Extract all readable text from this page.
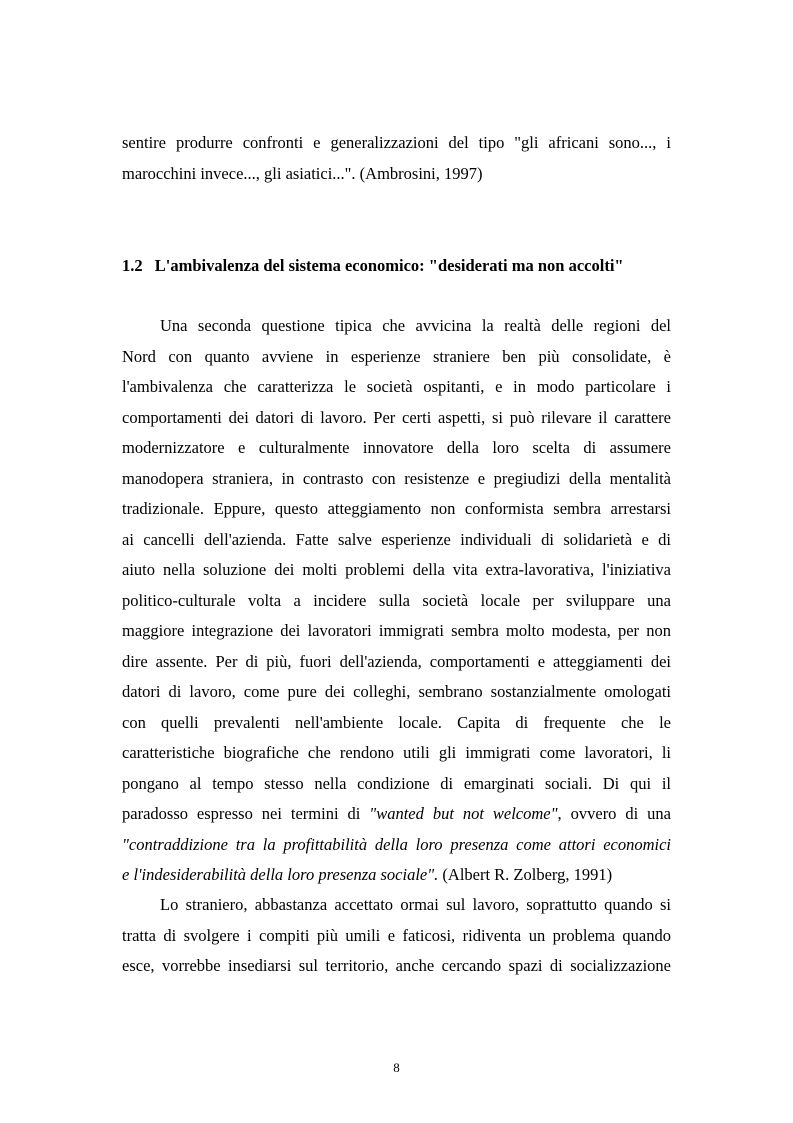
sentire produrre confronti e generalizzazioni del tipo "gli africani sono..., i
marocchini invece..., gli asiatici...". (Ambrosini, 1997)
1.2 L'ambivalenza del sistema economico: "desiderati ma non accolti"
Una seconda questione tipica che avvicina la realtà delle regioni del
Nord con quanto avviene in esperienze straniere ben più consolidate, è
l'ambivalenza che caratterizza le società ospitanti, e in modo particolare i
comportamenti dei datori di lavoro. Per certi aspetti, si può rilevare il carattere
modernizzatore e culturalmente innovatore della loro scelta di assumere
manodopera straniera, in contrasto con resistenze e pregiudizi della mentalità
tradizionale. Eppure, questo atteggiamento non conformista sembra arrestarsi
ai cancelli dell'azienda. Fatte salve esperienze individuali di solidarietà e di
aiuto nella soluzione dei molti problemi della vita extra-lavorativa, l'iniziativa
politico-culturale volta a incidere sulla società locale per sviluppare una
maggiore integrazione dei lavoratori immigrati sembra molto modesta, per non
dire assente. Per di più, fuori dell'azienda, comportamenti e atteggiamenti dei
datori di lavoro, come pure dei colleghi, sembrano sostanzialmente omologati
con quelli prevalenti nell'ambiente locale. Capita di frequente che le
caratteristiche biografiche che rendono utili gli immigrati come lavoratori, li
pongano al tempo stesso nella condizione di emarginati sociali. Di qui il
paradosso espresso nei termini di "wanted but not welcome", ovvero di una
"contraddizione tra la profittabilità della loro presenza come attori economici
e l'indesiderabilità della loro presenza sociale". (Albert R. Zolberg, 1991)
Lo straniero, abbastanza accettato ormai sul lavoro, soprattutto quando si
tratta di svolgere i compiti più umili e faticosi, ridiventa un problema quando
esce, vorrebbe insediarsi sul territorio, anche cercando spazi di socializzazione
8
